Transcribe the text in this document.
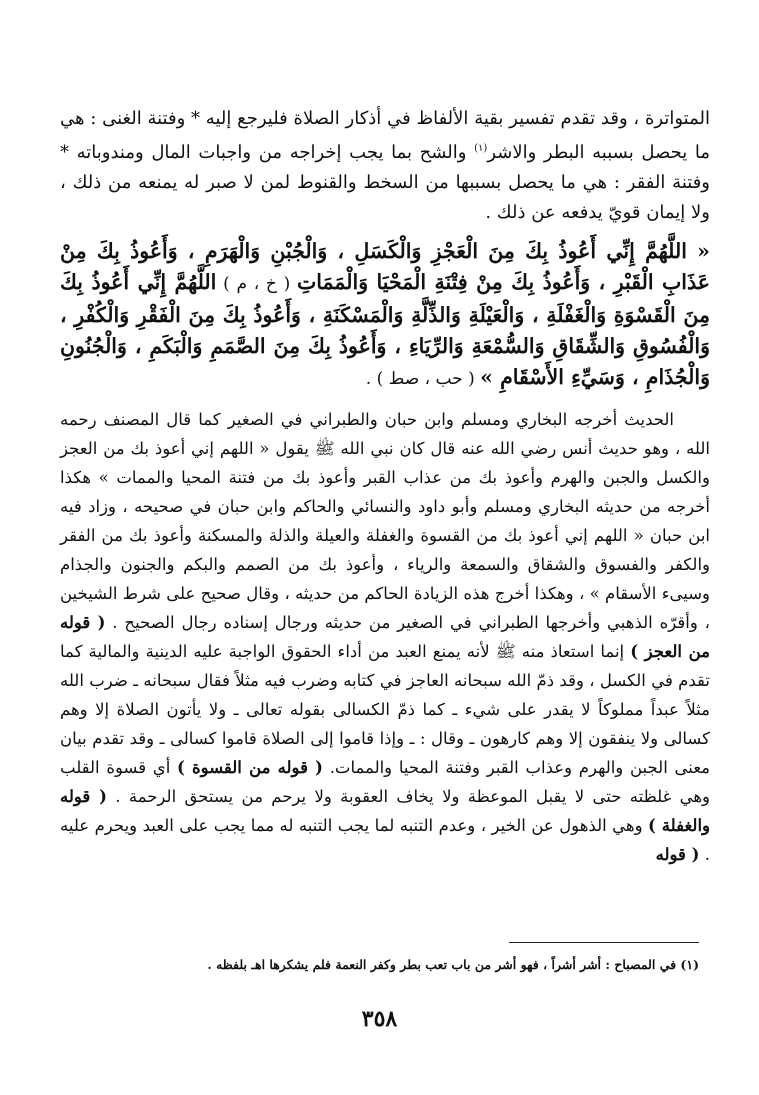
المتواترة ، وقد تقدم تفسير بقية الألفاظ في أذكار الصلاة فليرجع إليه * وفتنة الغنى : هي ما يحصل بسببه البطر والاشر$^{(١)}$ والشح بما يجب إخراجه من واجبات المال ومندوباته * وفتنة الفقر : هي ما يحصل بسببها من السخط والقنوط لمن لا صبر له يمنعه من ذلك ، ولا إيمان قويّ يدفعه عن ذلك .

« اللَّهُمَّ إِنِّي أَعُوذُ بِكَ مِنَ الْعَجْزِ وَالْكَسَلِ ، وَالْجُبْنِ وَالْهَرَمِ ، وَأَعُوذُ بِكَ مِنْ عَذَابِ الْقَبْرِ ، وَأَعُوذُ بِكَ مِنْ فِتْنَةِ الْمَحْيَا وَالْمَمَاتِ ( خ ، م ) اللَّهُمَّ إِنِّي أَعُوذُ بِكَ مِنَ الْقَسْوَةِ وَالْغَفْلَةِ ، وَالْعَيْلَةِ وَالذِّلَّةِ وَالْمَسْكَنَةِ ، وَأَعُوذُ بِكَ مِنَ الْفَقْرِ وَالْكُفْرِ ، وَالْفُسُوقِ وَالشِّقَاقِ وَالسُّمْعَةِ وَالرِّيَاءِ ، وَأَعُوذُ بِكَ مِنَ الصَّمَمِ وَالْبَكَمِ ، وَالْجُنُونِ وَالْجُذَامِ ، وَسَيِّءِ الأَسْقَامِ » ( حب ، صط ) .
الحديث أخرجه البخاري ومسلم وابن حبان والطبراني في الصغير كما قال المصنف رحمه الله ، وهو حديث أنس رضي الله عنه قال كان نبي الله ﷺ يقول « اللهم إني أعوذ بك من العجز والكسل والجبن والهرم وأعوذ بك من عذاب القبر وأعوذ بك من فتنة المحيا والممات » هكذا أخرجه من حديثه البخاري ومسلم وأبو داود والنسائي والحاكم وابن حبان في صحيحه ، وزاد فيه ابن حبان « اللهم إني أعوذ بك من القسوة والغفلة والعيلة والذلة والمسكنة وأعوذ بك من الفقر والكفر والفسوق والشقاق والسمعة والرياء ، وأعوذ بك من الصمم والبكم والجنون والجذام وسيىء الأسقام » ، وهكذا أخرج هذه الزيادة الحاكم من حديثه ، وقال صحيح على شرط الشيخين ، وأقرّه الذهبي وأخرجها الطبراني في الصغير من حديثه ورجال إسناده رجال الصحيح . ( قوله من العجز ) إنما استعاذ منه ﷺ لأنه يمنع العبد من أداء الحقوق الواجبة عليه الدينية والمالية كما تقدم في الكسل ، وقد ذمّ الله سبحانه العاجز في كتابه وضرب فيه مثلاً فقال سبحانه ـ ضرب الله مثلاً عبداً مملوكاً لا يقدر على شيء ـ كما ذمّ الكسالى بقوله تعالى ـ ولا يأتون الصلاة إلا وهم كسالى ولا ينفقون إلا وهم كارهون ـ وقال : ـ وإذا قاموا إلى الصلاة قاموا كسالى ـ وقد تقدم بيان معنى الجبن والهرم وعذاب القبر وفتنة المحيا والممات. ( قوله من القسوة ) أي قسوة القلب وهي غلظته حتى لا يقبل الموعظة ولا يخاف العقوبة ولا يرحم من يستحق الرحمة . ( قوله والغفلة ) وهي الذهول عن الخير ، وعدم التنبه لما يجب التنبه له مما يجب على العبد ويحرم عليه . ( قوله
(١) في المصباح : أشر أشراً ، فهو أشر من باب تعب بطر وكفر النعمة فلم يشكرها اهـ بلفظه .
٣٥٨
